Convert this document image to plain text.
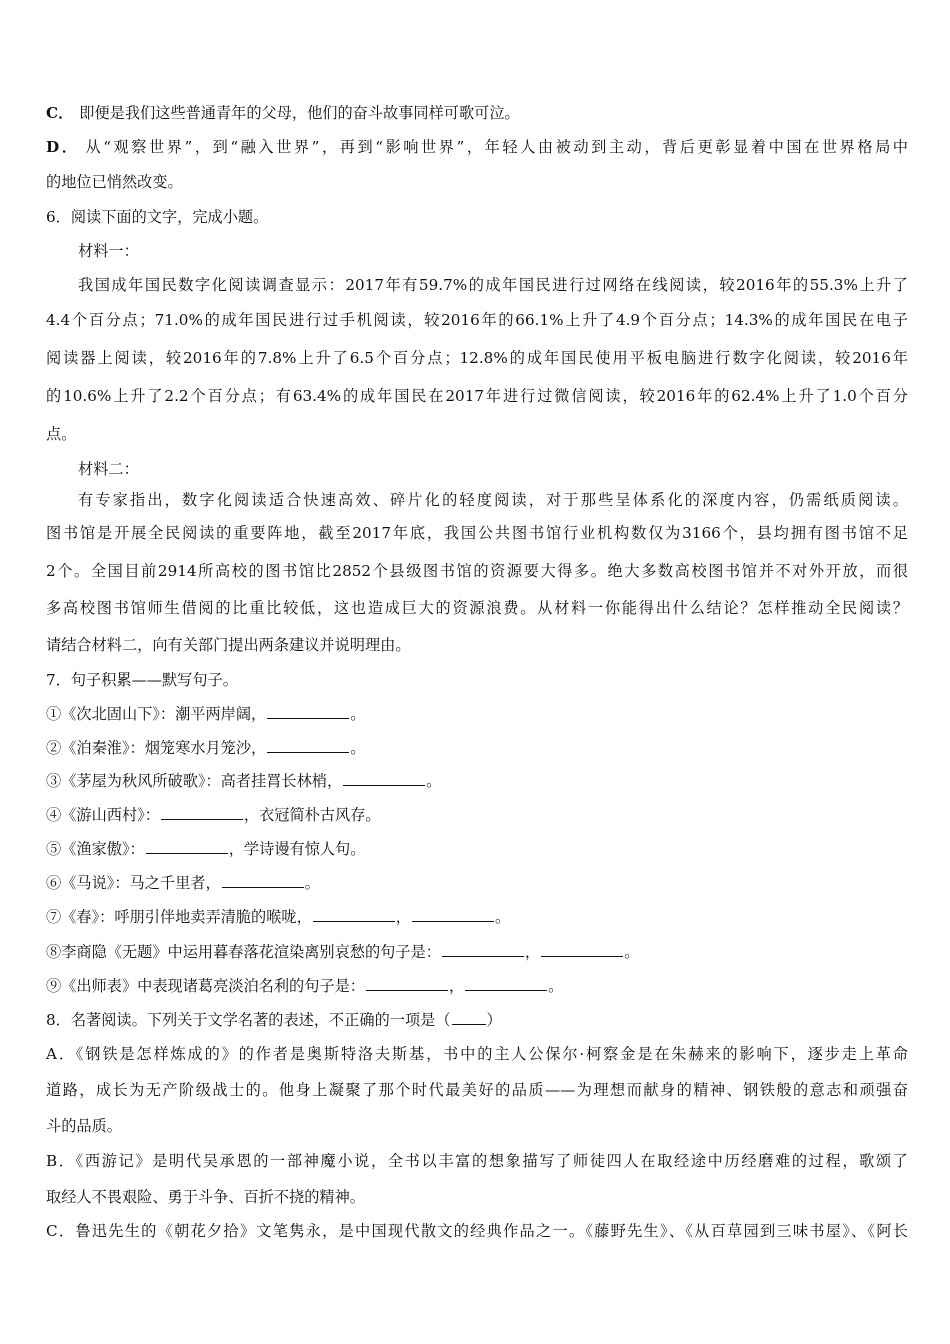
C． 即便是我们这些普通青年的父母，他们的奋斗故事同样可歌可泣。
D． 从“观察世界”，到“融入世界”，再到“影响世界”，年轻人由被动到主动，背后更彰显着中国在世界格局中
的地位已悄然改变。
6．阅读下面的文字，完成小题。
材料一：
我国成年国民数字化阅读调查显示：2017年有59.7%的成年国民进行过网络在线阅读，较2016年的55.3%上升了
4.4个百分点；71.0%的成年国民进行过手机阅读，较2016年的66.1%上升了4.9个百分点；14.3%的成年国民在电子
阅读器上阅读，较2016年的7.8%上升了6.5个百分点；12.8%的成年国民使用平板电脑进行数字化阅读，较2016年
的10.6%上升了2.2个百分点；有63.4%的成年国民在2017年进行过微信阅读，较2016年的62.4%上升了1.0个百分
点。
材料二：
有专家指出，数字化阅读适合快速高效、碎片化的轻度阅读，对于那些呈体系化的深度内容，仍需纸质阅读。
图书馆是开展全民阅读的重要阵地，截至2017年底，我国公共图书馆行业机构数仅为3166个，县均拥有图书馆不足
2个。全国目前2914所高校的图书馆比2852个县级图书馆的资源要大得多。绝大多数高校图书馆并不对外开放，而很
多高校图书馆师生借阅的比重比较低，这也造成巨大的资源浪费。从材料一你能得出什么结论？怎样推动全民阅读？
请结合材料二，向有关部门提出两条建议并说明理由。
7．句子积累——默写句子。
①《次北固山下》：潮平两岸阔，	。
②《泊秦淮》：烟笼寒水月笼沙，	。
③《茅屋为秋风所破歌》：高者挂罥长林梢，	。
④《游山西村》：	，衣冠简朴古风存。
⑤《渔家傲》：	，学诗谩有惊人句。
⑥《马说》：马之千里者，	。
⑦《春》：呼朋引伴地卖弄清脆的喉咙，	，	。
⑧李商隐《无题》中运用暮春落花渲染离别哀愁的句子是：	，	。
⑨《出师表》中表现诸葛亮淡泊名利的句子是：	，	。
8．名著阅读。下列关于文学名著的表述，不正确的一项是（ ）
A．《钢铁是怎样炼成的》的作者是奥斯特洛夫斯基，书中的主人公保尔·柯察金是在朱赫来的影响下，逐步走上革命
道路，成长为无产阶级战士的。他身上凝聚了那个时代最美好的品质——为理想而献身的精神、钢铁般的意志和顽强奋
斗的品质。
B．《西游记》是明代吴承恩的一部神魔小说，全书以丰富的想象描写了师徒四人在取经途中历经磨难的过程，歌颂了
取经人不畏艰险、勇于斗争、百折不挠的精神。
C．鲁迅先生的《朝花夕拾》文笔隽永，是中国现代散文的经典作品之一。《藤野先生》、《从百草园到三味书屋》、《阿长
